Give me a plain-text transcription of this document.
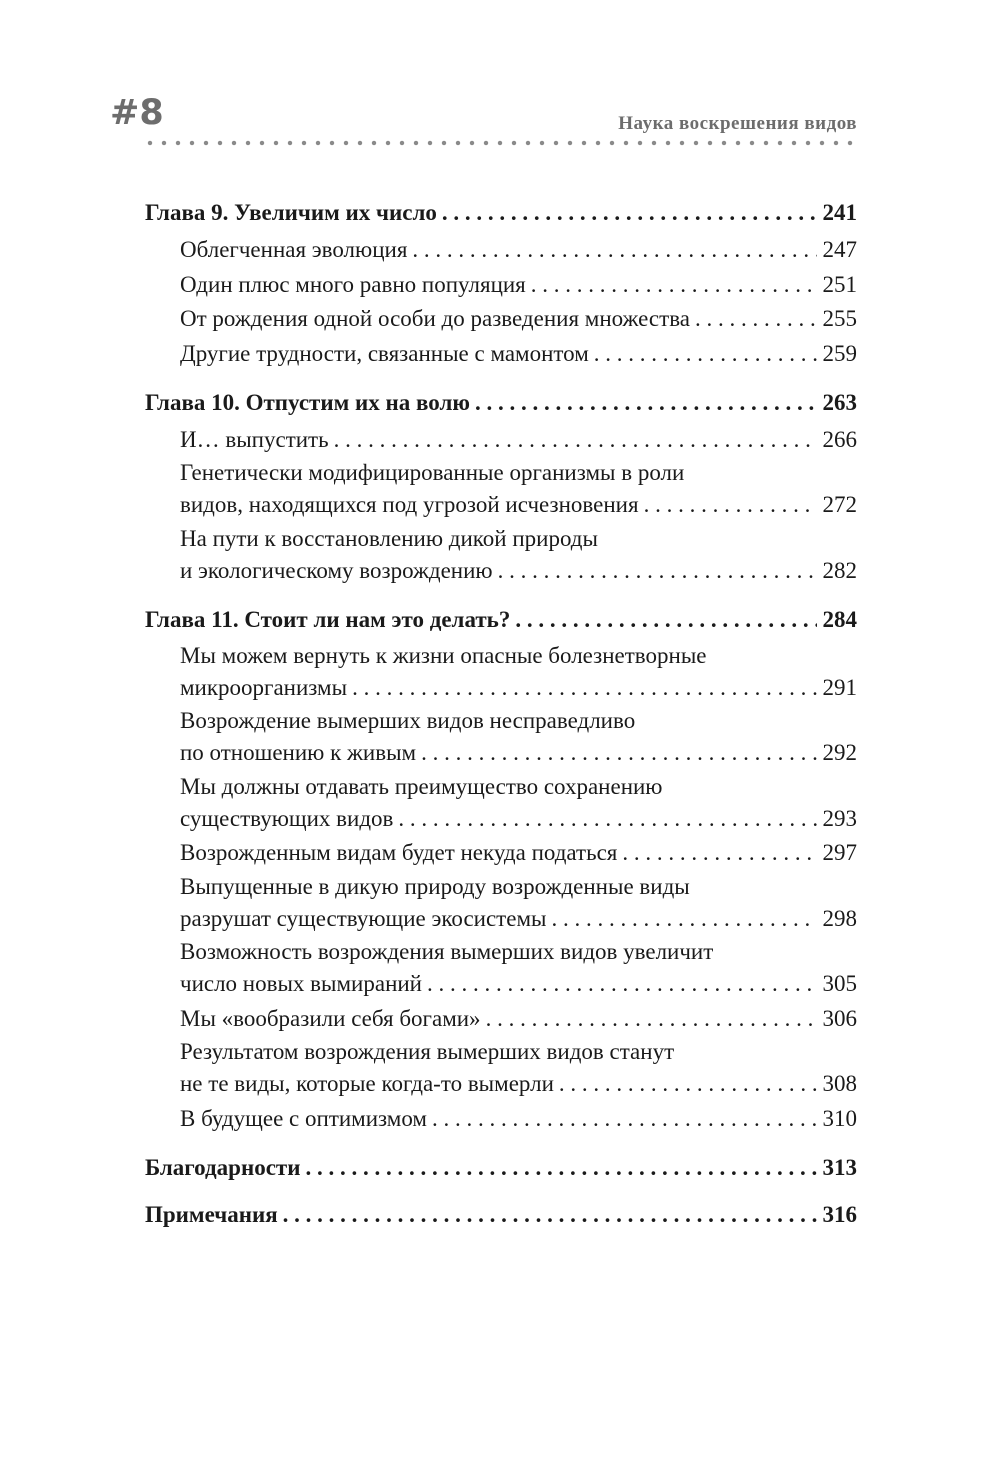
#8	Наука воскрешения видов
Глава 9. Увеличим их число . . .	241
Облегченная эволюция . . .	247
Один плюс много равно популяция . . .	251
От рождения одной особи до разведения множества . . .	255
Другие трудности, связанные с мамонтом . . .	259
Глава 10. Отпустим их на волю . . .	263
И… выпустить . . .	266
Генетически модифицированные организмы в роли
видов, находящихся под угрозой исчезновения . . .	272
На пути к восстановлению дикой природы
и экологическому возрождению . . .	282
Глава 11. Стоит ли нам это делать? . . .	284
Мы можем вернуть к жизни опасные болезнетворные
микроорганизмы . . .	291
Возрождение вымерших видов несправедливо
по отношению к живым . . .	292
Мы должны отдавать преимущество сохранению
существующих видов . . .	293
Возрожденным видам будет некуда податься . . .	297
Выпущенные в дикую природу возрожденные виды
разрушат существующие экосистемы . . .	298
Возможность возрождения вымерших видов увеличит
число новых вымираний . . .	305
Мы «вообразили себя богами» . . .	306
Результатом возрождения вымерших видов станут
не те виды, которые когда-то вымерли . . .	308
В будущее с оптимизмом . . .	310
Благодарности . . .	313
Примечания . . .	316
